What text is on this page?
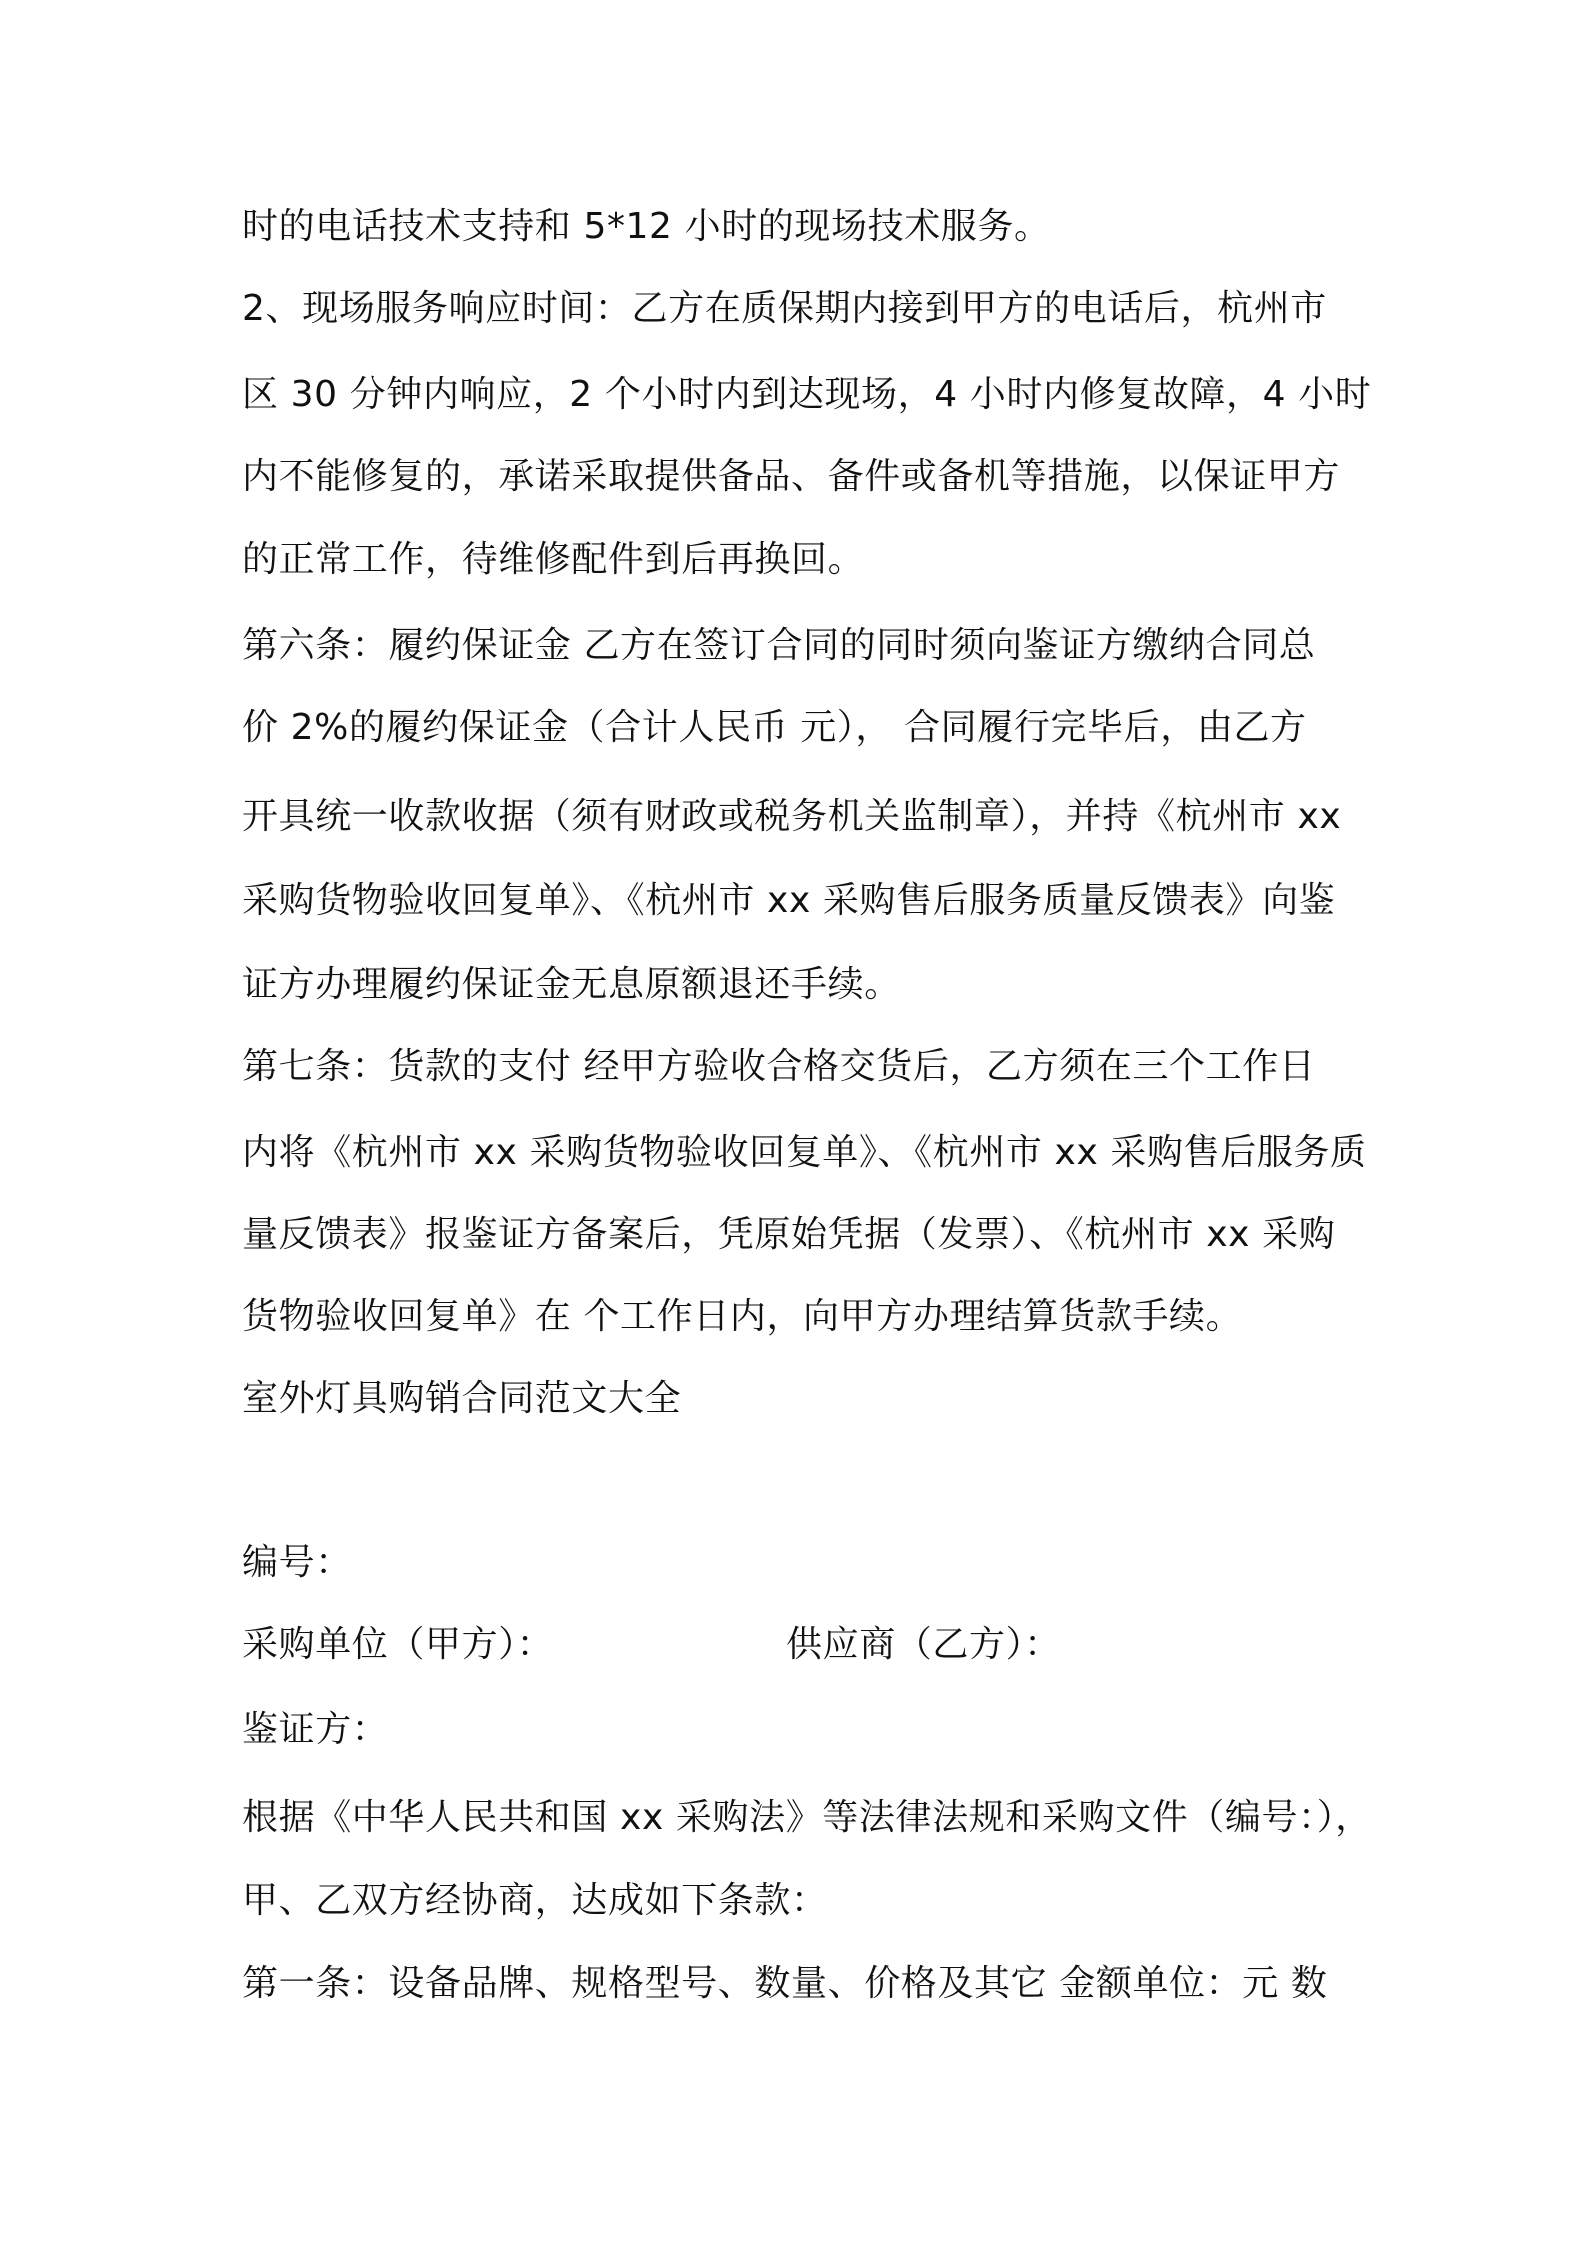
时的电话技术支持和 5*12 小时的现场技术服务。
2、现场服务响应时间：乙方在质保期内接到甲方的电话后，杭州市
区 30 分钟内响应，2 个小时内到达现场，4 小时内修复故障，4 小时
内不能修复的，承诺采取提供备品、备件或备机等措施，以保证甲方
的正常工作，待维修配件到后再换回。
第六条：履约保证金 乙方在签订合同的同时须向鉴证方缴纳合同总
价 2%的履约保证金（合计人民币 元）， 合同履行完毕后，由乙方
开具统一收款收据（须有财政或税务机关监制章），并持《杭州市 xx
采购货物验收回复单》、《杭州市 xx 采购售后服务质量反馈表》向鉴
证方办理履约保证金无息原额退还手续。
第七条：货款的支付 经甲方验收合格交货后，乙方须在三个工作日
内将《杭州市 xx 采购货物验收回复单》、《杭州市 xx 采购售后服务质
量反馈表》报鉴证方备案后，凭原始凭据（发票）、《杭州市 xx 采购
货物验收回复单》在 个工作日内，向甲方办理结算货款手续。
室外灯具购销合同范文大全
编号：
采购单位（甲方）：	供应商（乙方）：
鉴证方：
根据《中华人民共和国 xx 采购法》等法律法规和采购文件（编号：），
甲、乙双方经协商，达成如下条款：
第一条：设备品牌、规格型号、数量、价格及其它 金额单位：元 数
